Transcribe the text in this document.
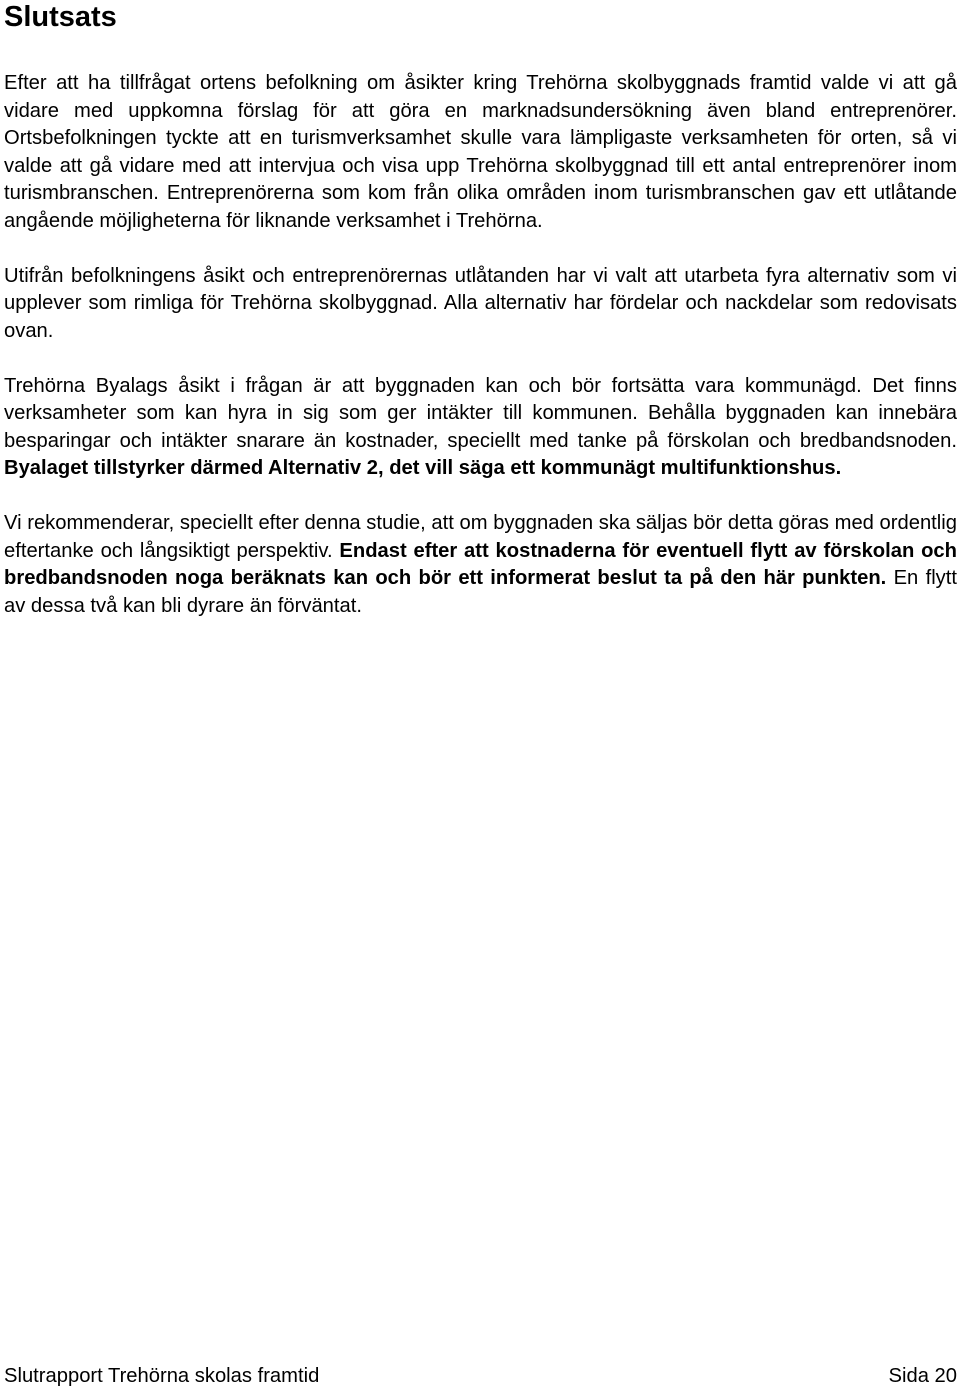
Slutsats

Efter att ha tillfrågat ortens befolkning om åsikter kring Trehörna skolbyggnads framtid valde vi att gå vidare med uppkomna förslag för att göra en marknadsundersökning även bland entreprenörer. Ortsbefolkningen tyckte att en turismverksamhet skulle vara lämpligaste verksamheten för orten, så vi valde att gå vidare med att intervjua och visa upp Trehörna skolbyggnad till ett antal entreprenörer inom turismbranschen. Entreprenörerna som kom från olika områden inom turismbranschen gav ett utlåtande angående möjligheterna för liknande verksamhet i Trehörna.

Utifrån befolkningens åsikt och entreprenörernas utlåtanden har vi valt att utarbeta fyra alternativ som vi upplever som rimliga för Trehörna skolbyggnad. Alla alternativ har fördelar och nackdelar som redovisats ovan.

Trehörna Byalags åsikt i frågan är att byggnaden kan och bör fortsätta vara kommunägd. Det finns verksamheter som kan hyra in sig som ger intäkter till kommunen. Behålla byggnaden kan innebära besparingar och intäkter snarare än kostnader, speciellt med tanke på förskolan och bredbandsnoden. Byalaget tillstyrker därmed Alternativ 2, det vill säga ett kommunägt multifunktionshus.

Vi rekommenderar, speciellt efter denna studie, att om byggnaden ska säljas bör detta göras med ordentlig eftertanke och långsiktigt perspektiv. Endast efter att kostnaderna för eventuell flytt av förskolan och bredbandsnoden noga beräknats kan och bör ett informerat beslut ta på den här punkten. En flytt av dessa två kan bli dyrare än förväntat.

Slutrapport Trehörna skolas framtid	Sida 20
